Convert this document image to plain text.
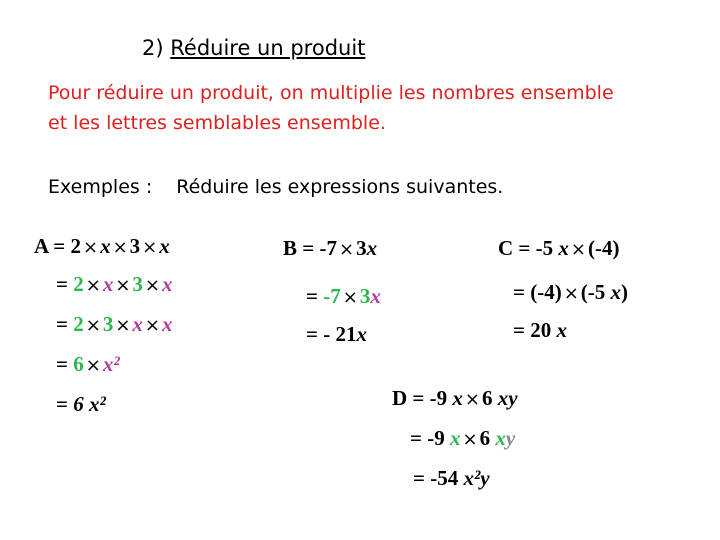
2) Réduire un produit
Pour réduire un produit, on multiplie les nombres ensemble
et les lettres semblables ensemble.
Exemples : Réduire les expressions suivantes.
A = 2 ×x ×3 ×x
= 2 ×x ×3 ×x
= 2 ×3 ×x ×x
= 6 ×x²
= 6 x²
B = -7 ×3x
= -7 ×3x
= - 21x
C = -5 x ×(-4)
= (-4) ×(-5 x)
= 20 x
D = -9 x ×6 xy
= -9 x ×6 xy
= -54 x²y
